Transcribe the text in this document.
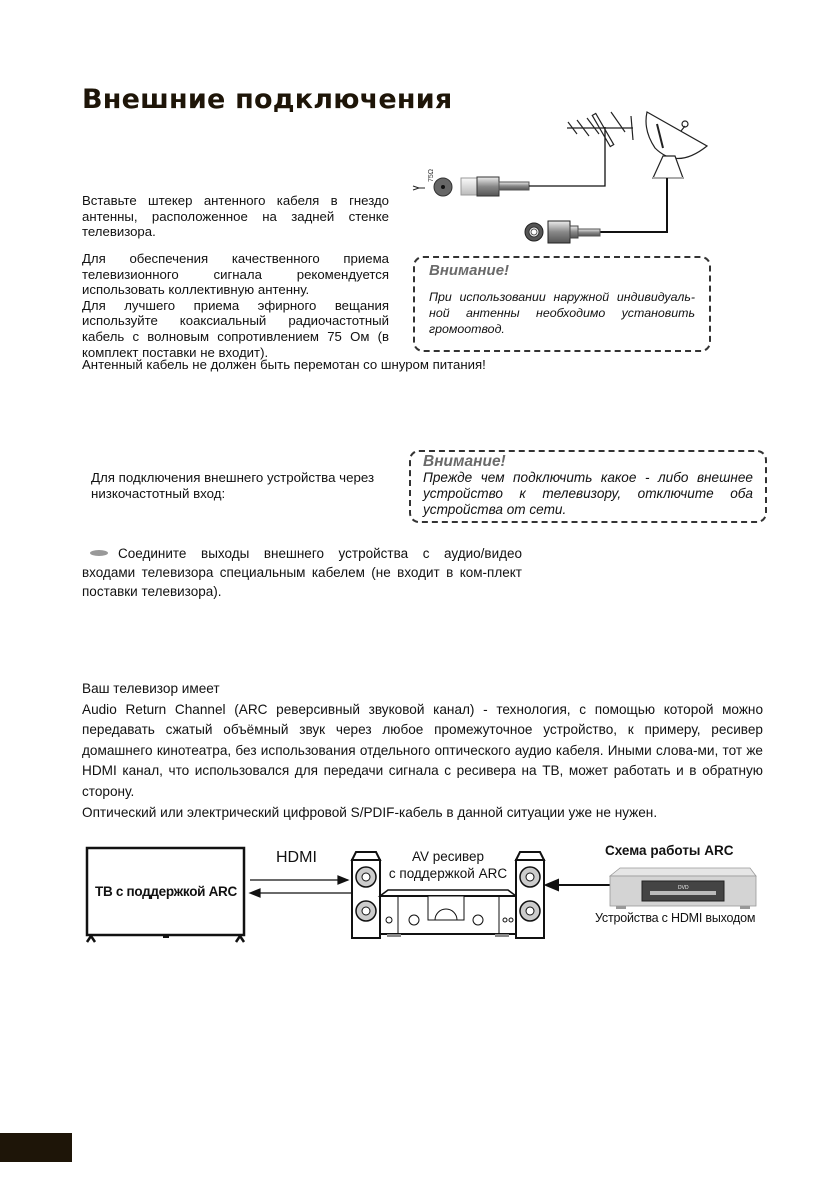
Внешние подключения

Вставьте штекер антенного кабеля в гнездо антенны, расположенное на задней стенке телевизора.

Для обеспечения качественного приема телевизионного сигнала рекомендуется использовать коллективную антенну.

Для лучшего приема эфирного вещания используйте коаксиальный радиочастотный кабель с волновым сопротивлением 75 Ом (в комплект поставки не входит).

Антенный кабель не должен быть перемотан со шнуром питания!
75Ω
Внимание!
При использовании наружной индивидуаль-ной антенны необходимо установить громоотвод.
Для подключения внешнего устройства через низкочастотный вход:
Внимание!
Прежде чем подключить какое - либо внешнее устройство к телевизору, отключите оба устройства от сети.
Соедините выходы внешнего устройства с аудио/видео входами телевизора специальным кабелем (не входит в ком-плект поставки телевизора).

Ваш телевизор имеет

Audio Return Channel (ARC реверсивный звуковой канал) - технология, с помощью которой можно передавать сжатый объёмный звук через любое промежуточное устройство, к примеру, ресивер домашнего кинотеатра, без использования отдельного оптического аудио кабеля. Иными слова-ми, тот же HDMI канал, что использовался для передачи сигнала с ресивера на ТВ, может работать и в обратную сторону.

Оптический или электрический цифровой S/PDIF-кабель в данной ситуации уже не нужен.

DVD
ТВ с поддержкой ARC
HDMI	AV ресивер
с поддержкой ARC
Схема работы ARC
Устройства с HDMI выходом
